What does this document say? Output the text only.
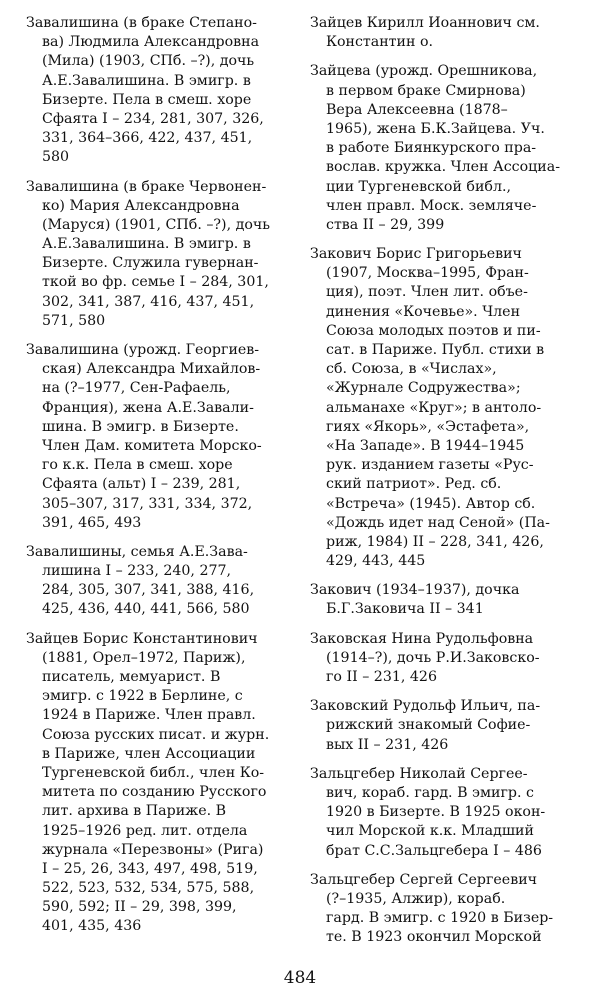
Завалишина (в браке Степано-
ва) Людмила Александровна
(Мила) (1903, СПб. –?), дочь
А.Е.Завалишина. В эмигр. в
Бизерте. Пела в смеш. хоре
Сфаята I – 234, 281, 307, 326,
331, 364–366, 422, 437, 451,
580
Завалишина (в браке Червонен-
ко) Мария Александровна
(Маруся) (1901, СПб. –?), дочь
А.Е.Завалишина. В эмигр. в
Бизерте. Служила гувернан-
ткой во фр. семье I – 284, 301,
302, 341, 387, 416, 437, 451,
571, 580
Завалишина (урожд. Георгиев-
ская) Александра Михайлов-
на (?–1977, Сен-Рафаель,
Франция), жена А.Е.Завали-
шина. В эмигр. в Бизерте.
Член Дам. комитета Морско-
го к.к. Пела в смеш. хоре
Сфаята (альт) I – 239, 281,
305–307, 317, 331, 334, 372,
391, 465, 493
Завалишины, семья А.Е.Зава-
лишина I – 233, 240, 277,
284, 305, 307, 341, 388, 416,
425, 436, 440, 441, 566, 580
Зайцев Борис Константинович
(1881, Орел–1972, Париж),
писатель, мемуарист. В
эмигр. с 1922 в Берлине, с
1924 в Париже. Член правл.
Союза русских писат. и журн.
в Париже, член Ассоциации
Тургеневской библ., член Ко-
митета по созданию Русского
лит. архива в Париже. В
1925–1926 ред. лит. отдела
журнала «Перезвоны» (Рига)
I – 25, 26, 343, 497, 498, 519,
522, 523, 532, 534, 575, 588,
590, 592; II – 29, 398, 399,
401, 435, 436
Зайцев Кирилл Иоаннович см.
Константин о.
Зайцева (урожд. Орешникова,
в первом браке Смирнова)
Вера Алексеевна (1878–
1965), жена Б.К.Зайцева. Уч.
в работе Биянкурского пра-
вослав. кружка. Член Ассоциа-
ции Тургеневской библ.,
член правл. Моск. земляче-
ства II – 29, 399
Закович Борис Григорьевич
(1907, Москва–1995, Фран-
ция), поэт. Член лит. объе-
динения «Кочевье». Член
Союза молодых поэтов и пи-
сат. в Париже. Публ. стихи в
сб. Союза, в «Числах»,
«Журнале Содружества»;
альманахе «Круг»; в антоло-
гиях «Якорь», «Эстафета»,
«На Западе». В 1944–1945
рук. изданием газеты «Рус-
ский патриот». Ред. сб.
«Встреча» (1945). Автор сб.
«Дождь идет над Сеной» (Па-
риж, 1984) II – 228, 341, 426,
429, 443, 445
Закович (1934–1937), дочка
Б.Г.Заковича II – 341
Заковская Нина Рудольфовна
(1914–?), дочь Р.И.Заковско-
го II – 231, 426
Заковский Рудольф Ильич, па-
рижский знакомый Софие-
вых II – 231, 426
Зальцгебер Николай Сергее-
вич, кораб. гард. В эмигр. с
1920 в Бизерте. В 1925 окон-
чил Морской к.к. Младший
брат С.С.Зальцгебера I – 486
Зальцгебер Сергей Сергеевич
(?–1935, Алжир), кораб.
гард. В эмигр. с 1920 в Бизер-
те. В 1923 окончил Морской
484
